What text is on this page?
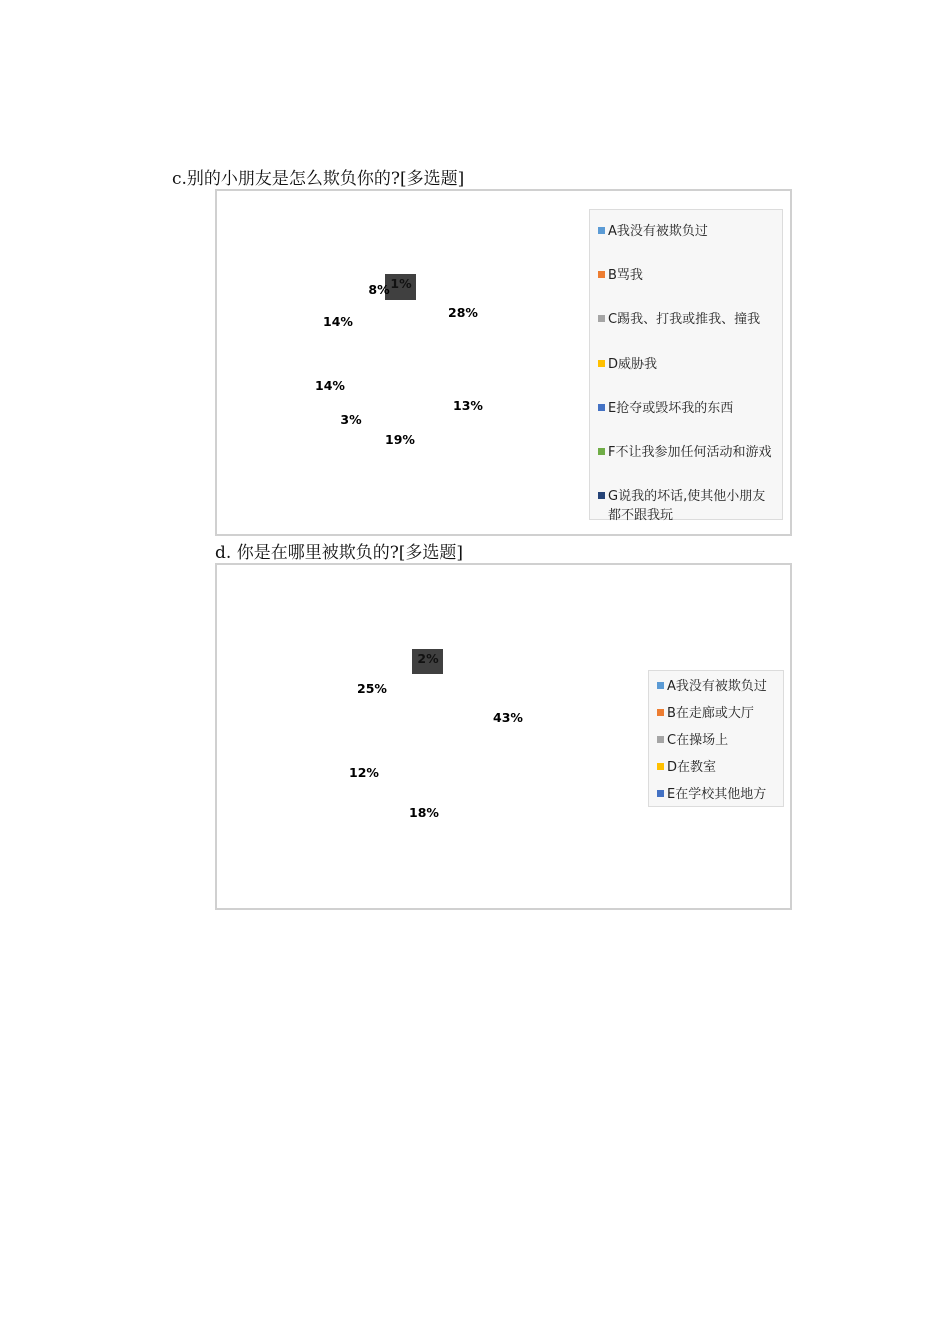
c.别的小朋友是怎么欺负你的?[多选题]
1%
28%
13%
19%
3%
14%
14%
8%
A我没有被欺负过
B骂我
C踢我、打我或推我、撞我
D威胁我
E抢夺或毁坏我的东西
F不让我参加任何活动和游戏
G说我的坏话,使其他小朋友都不跟我玩
d. 你是在哪里被欺负的?[多选题]
2%
43%
18%
12%
25%	A我没有被欺负过
B在走廊或大厅
C在操场上
D在教室
E在学校其他地方
